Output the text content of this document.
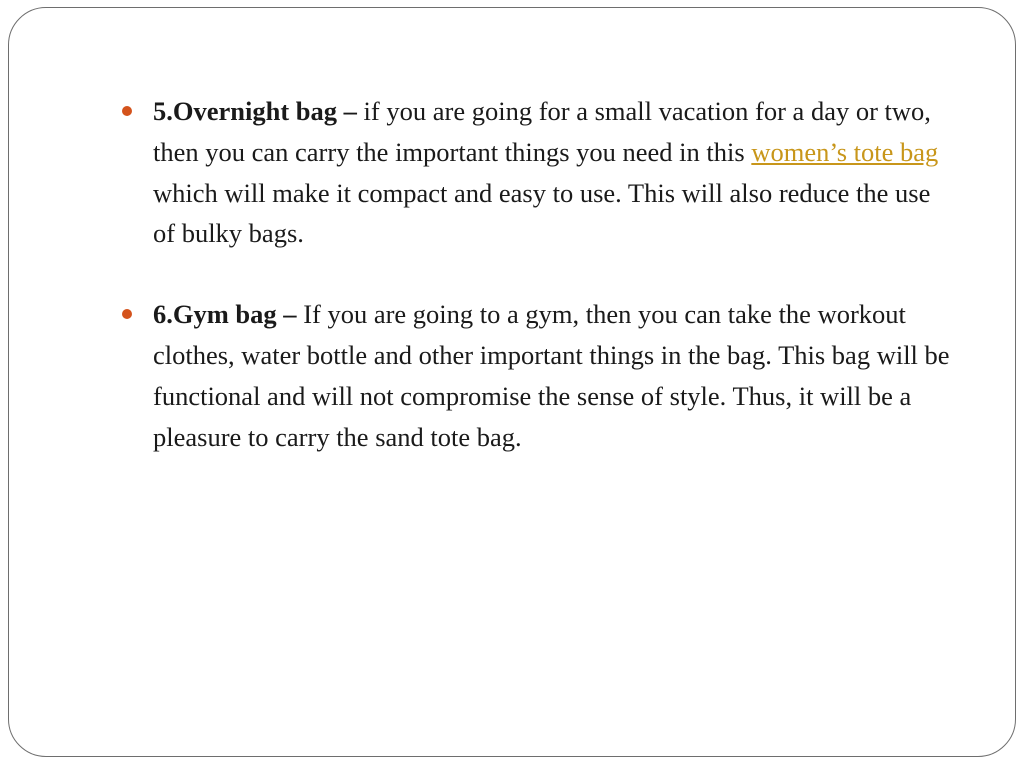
5.Overnight bag – if you are going for a small vacation for a day or two, then you can carry the important things you need in this women’s tote bag which will make it compact and easy to use. This will also reduce the use of bulky bags.
6.Gym bag – If you are going to a gym, then you can take the workout clothes, water bottle and other important things in the bag. This bag will be functional and will not compromise the sense of style. Thus, it will be a pleasure to carry the sand tote bag.
